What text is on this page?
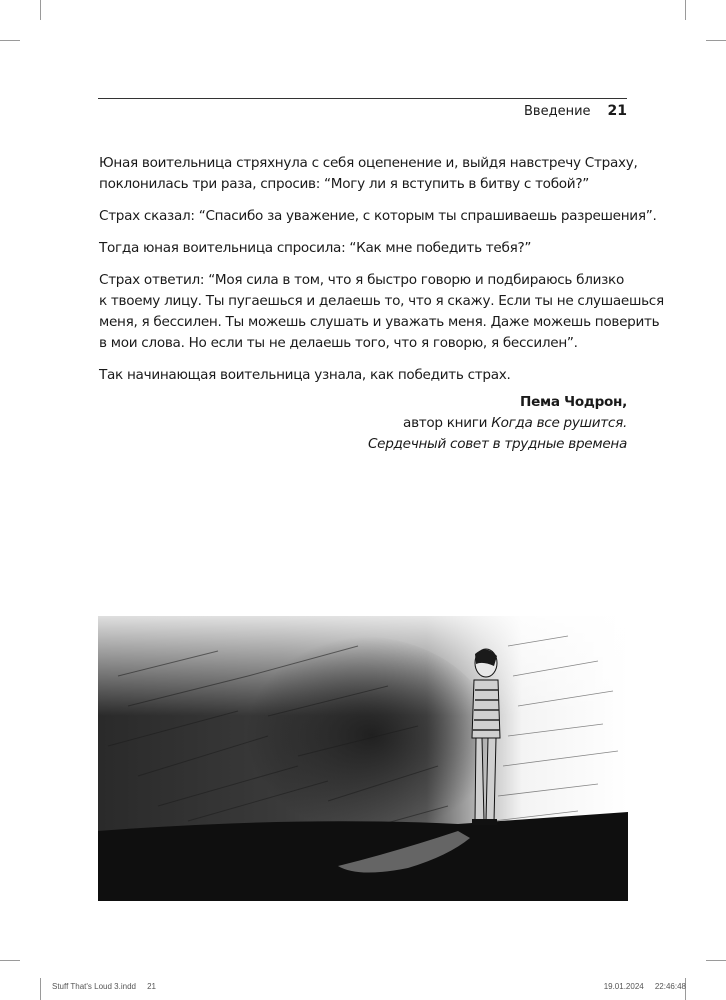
Введение 21

Юная воительница стряхнула с себя оцепенение и, выйдя навстречу Страху,
поклонилась три раза, спросив: “Могу ли я вступить в битву с тобой?”

Страх сказал: “Спасибо за уважение, с которым ты спрашиваешь разрешения”.

Тогда юная воительница спросила: “Как мне победить тебя?”

Страх ответил: “Моя сила в том, что я быстро говорю и подбираюсь близко
к твоему лицу. Ты пугаешься и делаешь то, что я скажу. Если ты не слушаешься
меня, я бессилен. Ты можешь слушать и уважать меня. Даже можешь поверить
в мои слова. Но если ты не делаешь того, что я говорю, я бессилен”.

Так начинающая воительница узнала, как победить страх.

Пема Чодрон,
автор книги Когда все рушится.
Сердечный совет в трудные времена
Stuff That's Loud 3.indd 21	19.01.2024 22:46:48
